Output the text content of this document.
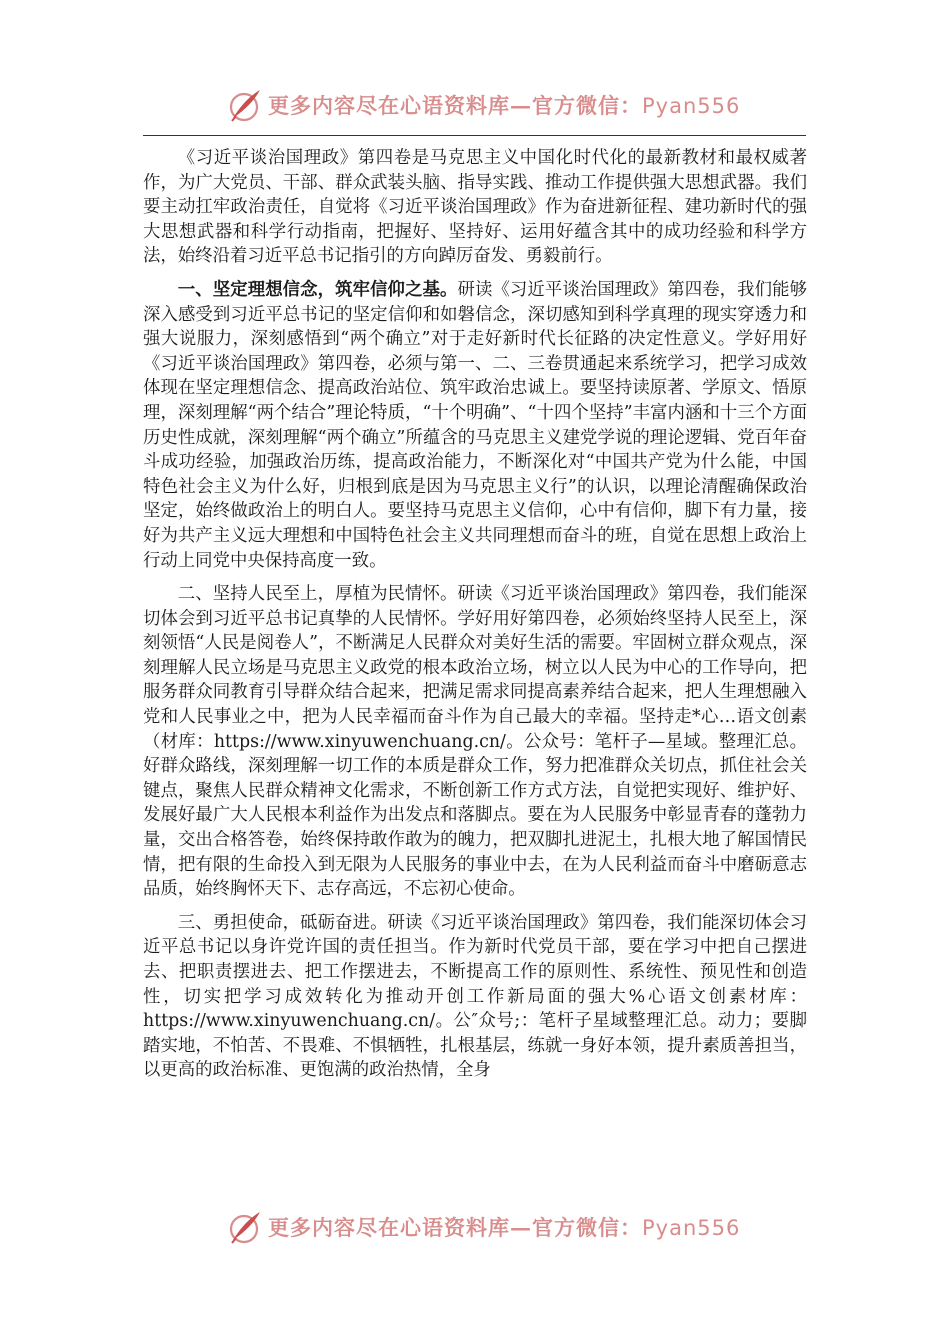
更多内容尽在心语资料库—官方微信：Pyan556

《习近平谈治国理政》第四卷是马克思主义中国化时代化的最新教材和最权威著作，为广大党员、干部、群众武装头脑、指导实践、推动工作提供强大思想武器。我们要主动扛牢政治责任，自觉将《习近平谈治国理政》作为奋进新征程、建功新时代的强大思想武器和科学行动指南，把握好、坚持好、运用好蕴含其中的成功经验和科学方法，始终沿着习近平总书记指引的方向踔厉奋发、勇毅前行。

一、坚定理想信念，筑牢信仰之基。研读《习近平谈治国理政》第四卷，我们能够深入感受到习近平总书记的坚定信仰和如磐信念，深切感知到科学真理的现实穿透力和强大说服力，深刻感悟到“两个确立”对于走好新时代长征路的决定性意义。学好用好《习近平谈治国理政》第四卷，必须与第一、二、三卷贯通起来系统学习，把学习成效体现在坚定理想信念、提高政治站位、筑牢政治忠诚上。要坚持读原著、学原文、悟原理，深刻理解“两个结合”理论特质，“十个明确”、“十四个坚持”丰富内涵和十三个方面历史性成就，深刻理解“两个确立”所蕴含的马克思主义建党学说的理论逻辑、党百年奋斗成功经验，加强政治历练，提高政治能力，不断深化对“中国共产党为什么能，中国特色社会主义为什么好，归根到底是因为马克思主义行”的认识，以理论清醒确保政治坚定，始终做政治上的明白人。要坚持马克思主义信仰，心中有信仰，脚下有力量，接好为共产主义远大理想和中国特色社会主义共同理想而奋斗的班，自觉在思想上政治上行动上同党中央保持高度一致。

二、坚持人民至上，厚植为民情怀。研读《习近平谈治国理政》第四卷，我们能深切体会到习近平总书记真挚的人民情怀。学好用好第四卷，必须始终坚持人民至上，深刻领悟“人民是阅卷人”，不断满足人民群众对美好生活的需要。牢固树立群众观点，深刻理解人民立场是马克思主义政党的根本政治立场，树立以人民为中心的工作导向，把服务群众同教育引导群众结合起来，把满足需求同提高素养结合起来，把人生理想融入党和人民事业之中，把为人民幸福而奋斗作为自己最大的幸福。坚持走*心…语文创素（材库：https://www.xinyuwenchuang.cn/。公众号：笔杆子—星域。整理汇总。好群众路线，深刻理解一切工作的本质是群众工作，努力把准群众关切点，抓住社会关键点，聚焦人民群众精神文化需求，不断创新工作方式方法，自觉把实现好、维护好、发展好最广大人民根本利益作为出发点和落脚点。要在为人民服务中彰显青春的蓬勃力量，交出合格答卷，始终保持敢作敢为的魄力，把双脚扎进泥土，扎根大地了解国情民情，把有限的生命投入到无限为人民服务的事业中去，在为人民利益而奋斗中磨砺意志品质，始终胸怀天下、志存高远，不忘初心使命。

三、勇担使命，砥砺奋进。研读《习近平谈治国理政》第四卷，我们能深切体会习近平总书记以身许党许国的责任担当。作为新时代党员干部，要在学习中把自己摆进去、把职责摆进去、把工作摆进去，不断提高工作的原则性、系统性、预见性和创造性，切实把学习成效转化为推动开创工作新局面的强大%心语文创素材库：https://www.xinyuwenchuang.cn/。公″众号;：笔杆子星域整理汇总。动力；要脚踏实地，不怕苦、不畏难、不惧牺牲，扎根基层，练就一身好本领，提升素质善担当，以更高的政治标准、更饱满的政治热情，全身

更多内容尽在心语资料库—官方微信：Pyan556
